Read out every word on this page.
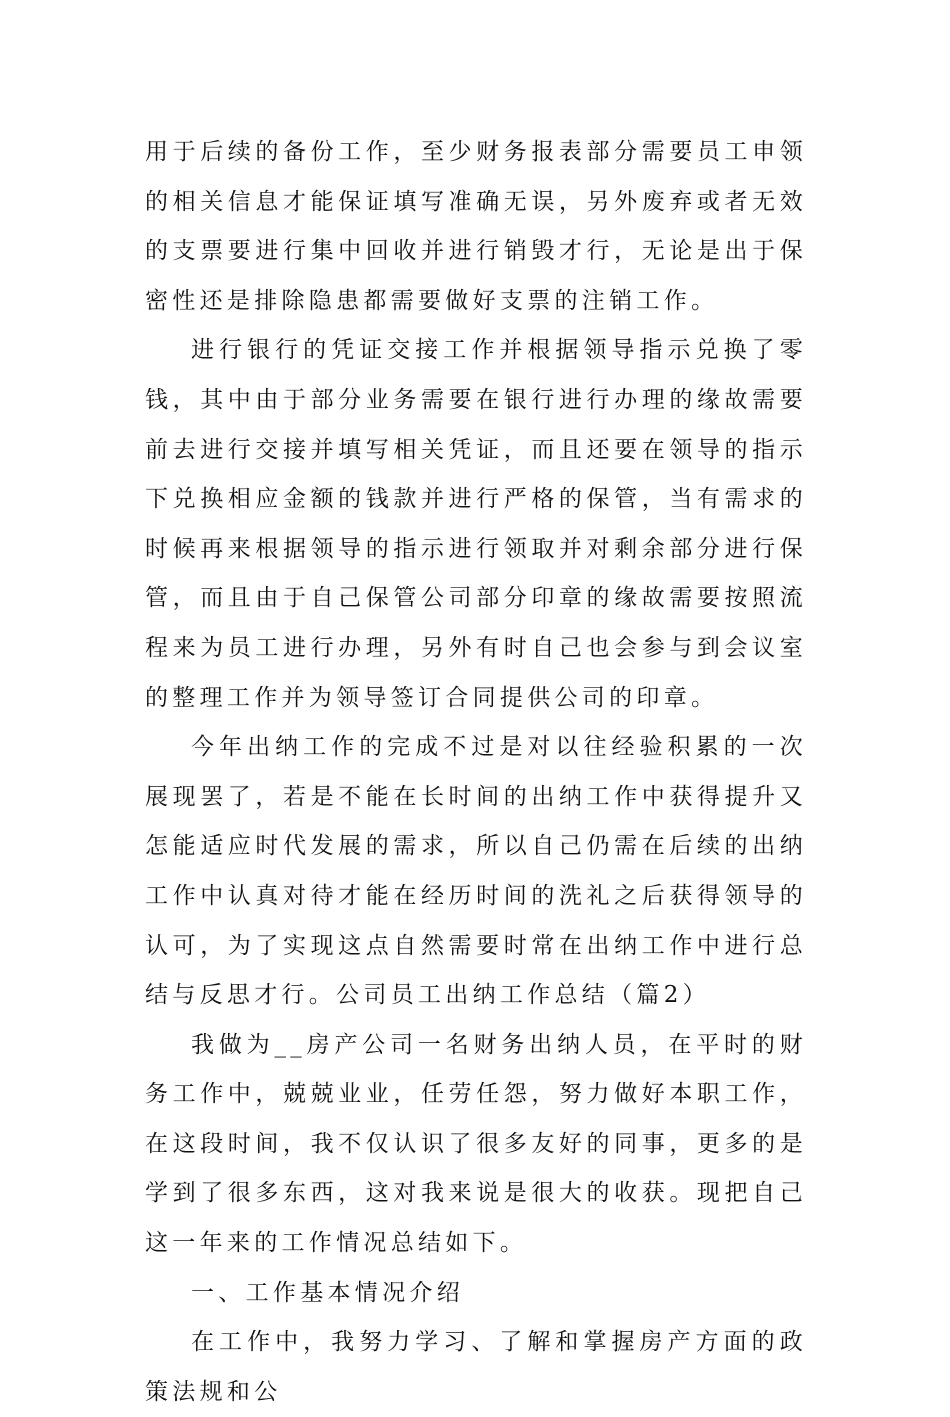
用于后续的备份工作，至少财务报表部分需要员工申领的相关信息才能保证填写准确无误，另外废弃或者无效的支票要进行集中回收并进行销毁才行，无论是出于保密性还是排除隐患都需要做好支票的注销工作。

进行银行的凭证交接工作并根据领导指示兑换了零钱，其中由于部分业务需要在银行进行办理的缘故需要前去进行交接并填写相关凭证，而且还要在领导的指示下兑换相应金额的钱款并进行严格的保管，当有需求的时候再来根据领导的指示进行领取并对剩余部分进行保管，而且由于自己保管公司部分印章的缘故需要按照流程来为员工进行办理，另外有时自己也会参与到会议室的整理工作并为领导签订合同提供公司的印章。

今年出纳工作的完成不过是对以往经验积累的一次展现罢了，若是不能在长时间的出纳工作中获得提升又怎能适应时代发展的需求，所以自己仍需在后续的出纳工作中认真对待才能在经历时间的洗礼之后获得领导的认可，为了实现这点自然需要时常在出纳工作中进行总结与反思才行。公司员工出纳工作总结（篇2）

我做为__房产公司一名财务出纳人员，在平时的财务工作中，兢兢业业，任劳任怨，努力做好本职工作，在这段时间，我不仅认识了很多友好的同事，更多的是学到了很多东西，这对我来说是很大的收获。现把自己这一年来的工作情况总结如下。

一、工作基本情况介绍

在工作中，我努力学习、了解和掌握房产方面的政策法规和公
